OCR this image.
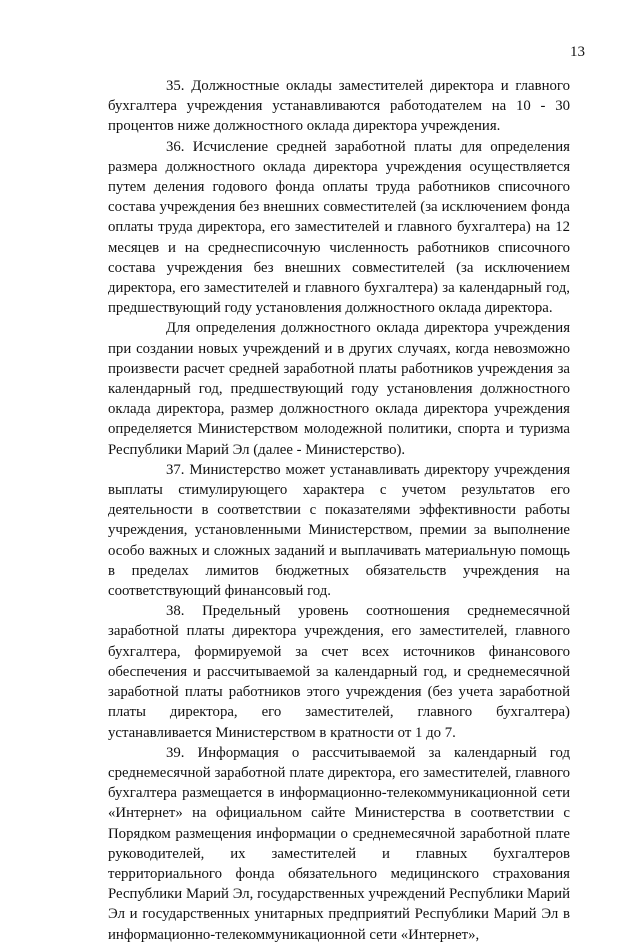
13

35. Должностные оклады заместителей директора и главного бухгалтера учреждения устанавливаются работодателем на 10 - 30 процентов ниже должностного оклада директора учреждения.

36. Исчисление средней заработной платы для определения размера должностного оклада директора учреждения осуществляется путем деления годового фонда оплаты труда работников списочного состава учреждения без внешних совместителей (за исключением фонда оплаты труда директора, его заместителей и главного бухгалтера) на 12 месяцев и на среднесписочную численность работников списочного состава учреждения без внешних совместителей (за исключением директора, его заместителей и главного бухгалтера) за календарный год, предшествующий году установления должностного оклада директора.

Для определения должностного оклада директора учреждения при создании новых учреждений и в других случаях, когда невозможно произвести расчет средней заработной платы работников учреждения за календарный год, предшествующий году установления должностного оклада директора, размер должностного оклада директора учреждения определяется Министерством молодежной политики, спорта и туризма Республики Марий Эл (далее - Министерство).

37. Министерство может устанавливать директору учреждения выплаты стимулирующего характера с учетом результатов его деятельности в соответствии с показателями эффективности работы учреждения, установленными Министерством, премии за выполнение особо важных и сложных заданий и выплачивать материальную помощь в пределах лимитов бюджетных обязательств учреждения на соответствующий финансовый год.

38. Предельный уровень соотношения среднемесячной заработной платы директора учреждения, его заместителей, главного бухгалтера, формируемой за счет всех источников финансового обеспечения и рассчитываемой за календарный год, и среднемесячной заработной платы работников этого учреждения (без учета заработной платы директора, его заместителей, главного бухгалтера) устанавливается Министерством в кратности от 1 до 7.

39. Информация о рассчитываемой за календарный год среднемесячной заработной плате директора, его заместителей, главного бухгалтера размещается в информационно-телекоммуникационной сети «Интернет» на официальном сайте Министерства в соответствии с Порядком размещения информации о среднемесячной заработной плате руководителей, их заместителей и главных бухгалтеров территориального фонда обязательного медицинского страхования Республики Марий Эл, государственных учреждений Республики Марий Эл и государственных унитарных предприятий Республики Марий Эл в информационно-телекоммуникационной сети «Интернет»,
